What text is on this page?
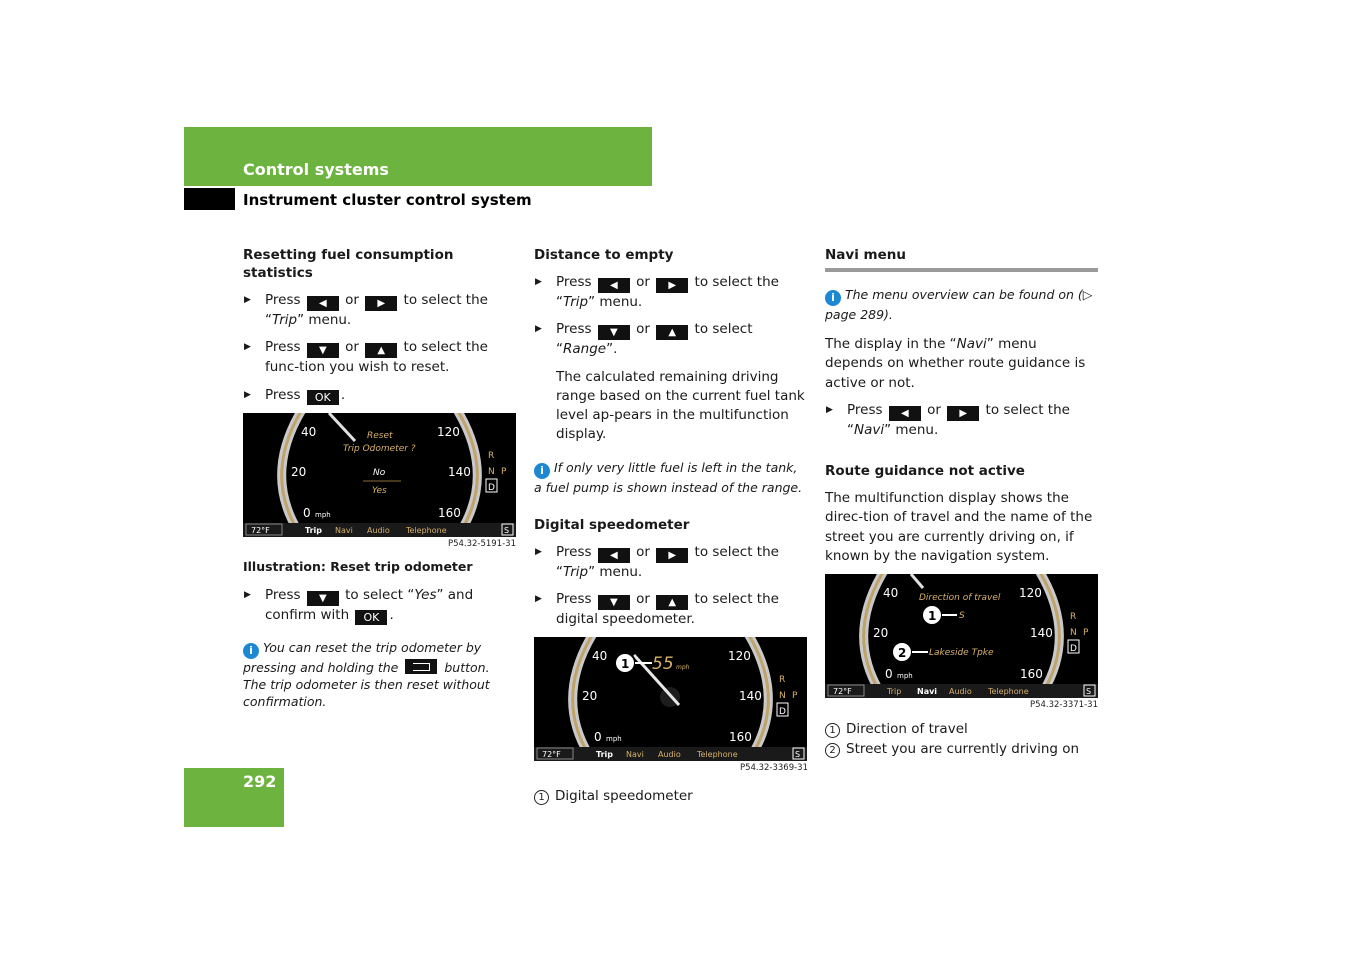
Control systems
Instrument cluster control system
Resetting fuel consumption statistics
▶ Press ◀ or ▶ to select the “Trip” menu.
▶ Press ▼ or ▲ to select the func-tion you wish to reset.
▶ Press OK .
40
20
0 mph
120
140
160
Reset
Trip Odometer ?
No
Yes
R
N P
D
72°F	Trip Navi Audio Telephone	S
P54.32-5191-31
Illustration: Reset trip odometer
▶ Press ▼ to select “Yes” and confirm with OK .
i You can reset the trip odometer by pressing and holding the	button. The trip odometer is then reset without confirmation.
Distance to empty
▶ Press ◀ or ▶ to select the “Trip” menu.
▶ Press ▼ or ▲ to select “Range”.

The calculated remaining driving range based on the current fuel tank level ap-pears in the multifunction display.

i If only very little fuel is left in the tank, a fuel pump is shown instead of the range.
Digital speedometer
▶ Press ◀ or ▶ to select the “Trip” menu.
▶ Press ▼ or ▲ to select the digital speedometer.
40
20
0 mph
120
140
160
1 55 mph
R
N P
D
72°F	Trip Navi Audio Telephone	S
P54.32-3369-31
1 Digital speedometer
Navi menu
i The menu overview can be found on (▷ page 289).

The display in the “Navi” menu depends on whether route guidance is active or not.

▶ Press ◀ or ▶ to select the “Navi” menu.
Route guidance not active

The multifunction display shows the direc-tion of travel and the name of the street you are currently driving on, if known by the navigation system.

40
20
0 mph
120
140
160
Direction of travel
1	S
2	Lakeside Tpke
R
N P
D
72°F	Trip Navi Audio Telephone	S
P54.32-3371-31
1 Direction of travel
2 Street you are currently driving on
292
